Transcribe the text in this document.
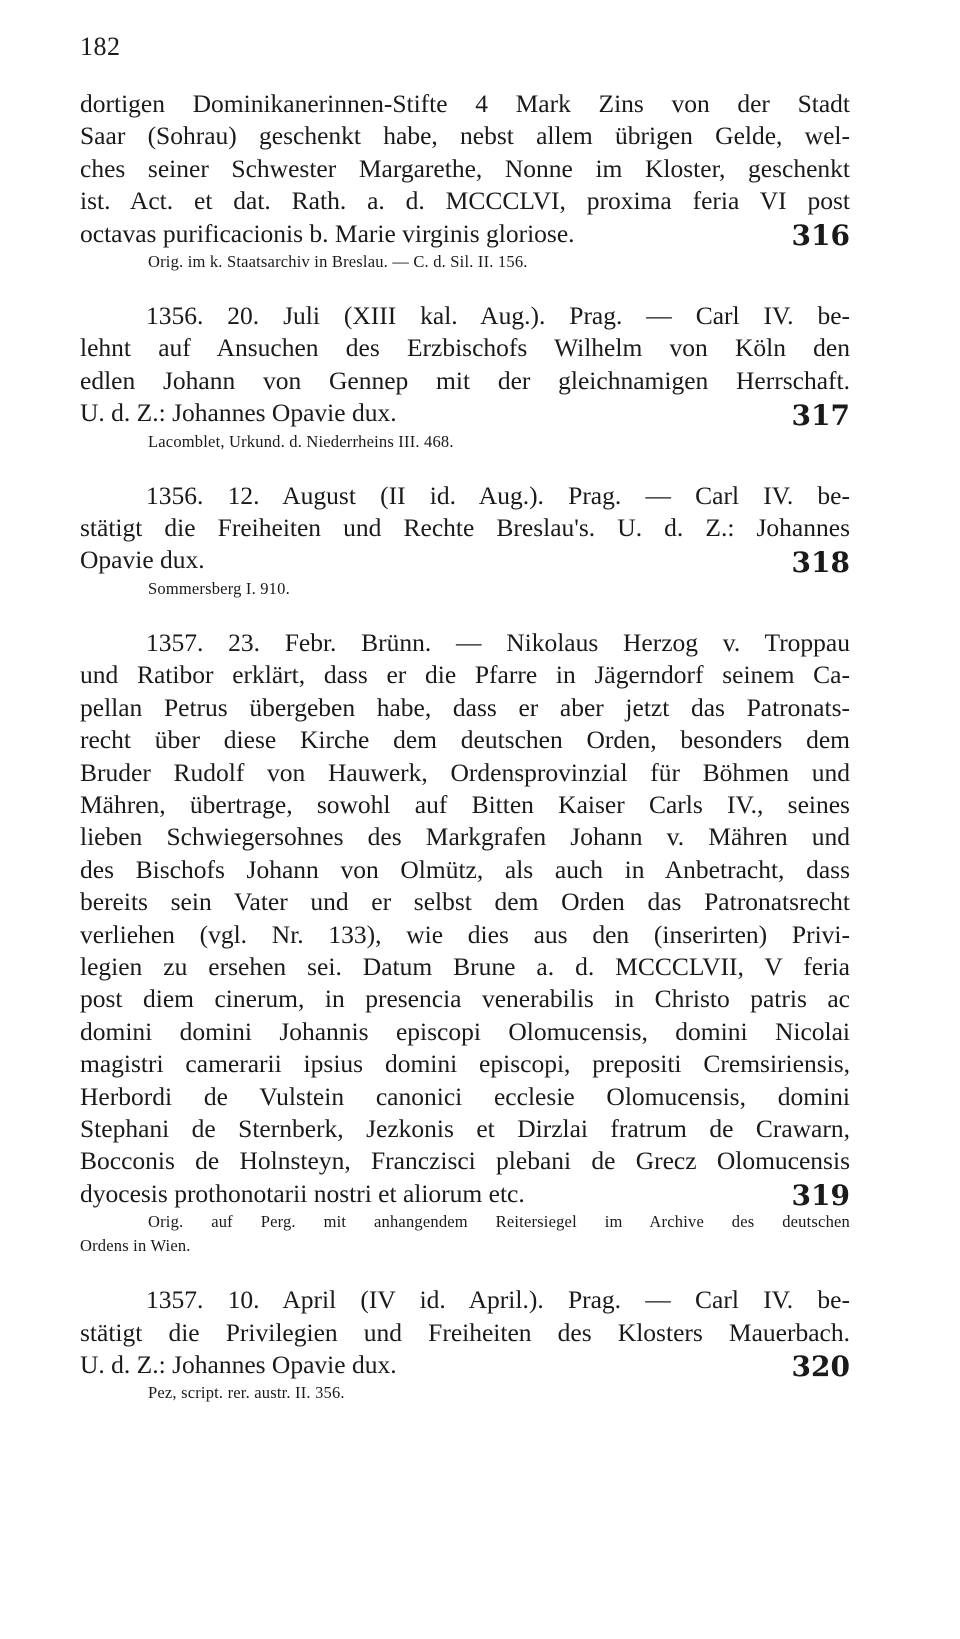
182
dortigen Dominikanerinnen-Stifte 4 Mark Zins von der Stadt
Saar (Sohrau) geschenkt habe, nebst allem übrigen Gelde, wel-
ches seiner Schwester Margarethe, Nonne im Kloster, geschenkt
ist. Act. et dat. Rath. a. d. MCCCLVI, proxima feria VI post
octavas purificacionis b. Marie virginis gloriose.	316
Orig. im k. Staatsarchiv in Breslau. — C. d. Sil. II. 156.
1356. 20. Juli (XIII kal. Aug.). Prag. — Carl IV. be-
lehnt auf Ansuchen des Erzbischofs Wilhelm von Köln den
edlen Johann von Gennep mit der gleichnamigen Herrschaft.
U. d. Z.: Johannes Opavie dux.	317
Lacomblet, Urkund. d. Niederrheins III. 468.
1356. 12. August (II id. Aug.). Prag. — Carl IV. be-
stätigt die Freiheiten und Rechte Breslau's. U. d. Z.: Johannes
Opavie dux.	318
Sommersberg I. 910.
1357. 23. Febr. Brünn. — Nikolaus Herzog v. Troppau
und Ratibor erklärt, dass er die Pfarre in Jägerndorf seinem Ca-
pellan Petrus übergeben habe, dass er aber jetzt das Patronats-
recht über diese Kirche dem deutschen Orden, besonders dem
Bruder Rudolf von Hauwerk, Ordensprovinzial für Böhmen und
Mähren, übertrage, sowohl auf Bitten Kaiser Carls IV., seines
lieben Schwiegersohnes des Markgrafen Johann v. Mähren und
des Bischofs Johann von Olmütz, als auch in Anbetracht, dass
bereits sein Vater und er selbst dem Orden das Patronatsrecht
verliehen (vgl. Nr. 133), wie dies aus den (inserirten) Privi-
legien zu ersehen sei. Datum Brune a. d. MCCCLVII, V feria
post diem cinerum, in presencia venerabilis in Christo patris ac
domini domini Johannis episcopi Olomucensis, domini Nicolai
magistri camerarii ipsius domini episcopi, prepositi Cremsiriensis,
Herbordi de Vulstein canonici ecclesie Olomucensis, domini
Stephani de Sternberk, Jezkonis et Dirzlai fratrum de Crawarn,
Bocconis de Holnsteyn, Franczisci plebani de Grecz Olomucensis
dyocesis prothonotarii nostri et aliorum etc.	319
Orig. auf Perg. mit anhangendem Reitersiegel im Archive des deutschen
Ordens in Wien.
1357. 10. April (IV id. April.). Prag. — Carl IV. be-
stätigt die Privilegien und Freiheiten des Klosters Mauerbach.
U. d. Z.: Johannes Opavie dux.	320
Pez, script. rer. austr. II. 356.
